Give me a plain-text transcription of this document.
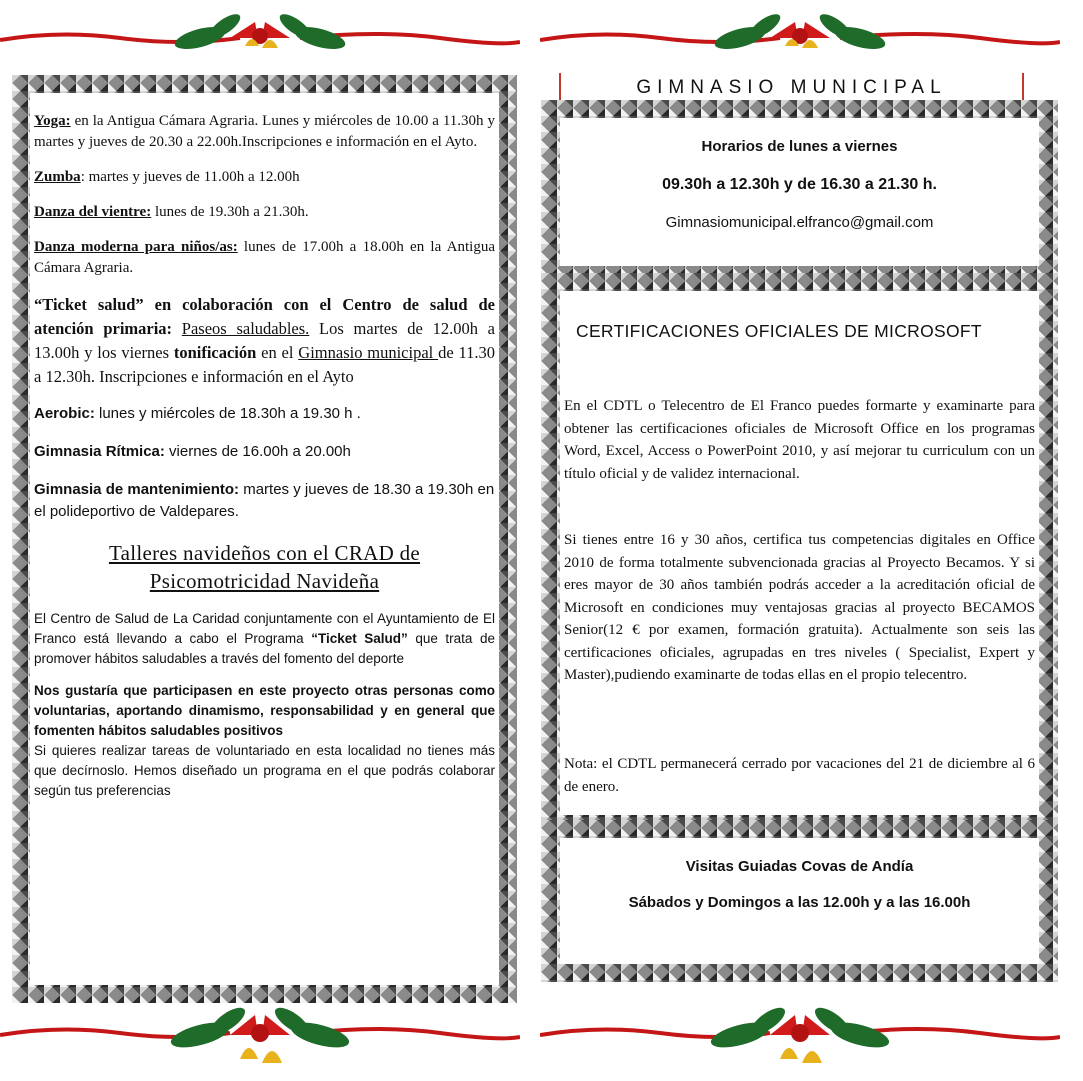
Yoga: en la Antigua Cámara Agraria. Lunes y miércoles de 10.00 a 11.30h y martes y jueves de 20.30 a 22.00h.Inscripciones e información en el Ayto.

Zumba: martes y jueves de 11.00h a 12.00h

Danza del vientre: lunes de 19.30h a 21.30h.

Danza moderna para niños/as: lunes de 17.00h a 18.00h en la Antigua Cámara Agraria.

“Ticket salud” en colaboración con el Centro de salud de atención primaria: Paseos saludables. Los martes de 12.00h a 13.00h y los viernes tonificación en el Gimnasio municipal de 11.30 a 12.30h. Inscripciones e información en el Ayto

Aerobic: lunes y miércoles de 18.30h a 19.30 h .

Gimnasia Rítmica: viernes de 16.00h a 20.00h

Gimnasia de mantenimiento: martes y jueves de 18.30 a 19.30h en el polideportivo de Valdepares.

Talleres navideños con el CRAD de
Psicomotricidad Navideña

El Centro de Salud de La Caridad conjuntamente con el Ayuntamiento de El Franco está llevando a cabo el Programa “Ticket Salud” que trata de promover hábitos saludables a través del fomento del deporte

Nos gustaría que participasen en este proyecto otras personas como voluntarias, aportando dinamismo, responsabilidad y en general que fomenten hábitos saludables positivos

Si quieres realizar tareas de voluntariado en esta localidad no tienes más que decírnoslo. Hemos diseñado un programa en el que podrás colaborar según tus preferencias

GIMNASIO MUNICIPAL
Horarios de lunes a viernes
09.30h a 12.30h y de 16.30 a 21.30 h.
Gimnasiomunicipal.elfranco@gmail.com
CERTIFICACIONES OFICIALES DE MICROSOFT

En el CDTL o Telecentro de El Franco puedes formarte y examinarte para obtener las certificaciones oficiales de Microsoft Office en los programas Word, Excel, Access o PowerPoint 2010, y así mejorar tu curriculum con un título oficial y de validez internacional.

Si tienes entre 16 y 30 años, certifica tus competencias digitales en Office 2010 de forma totalmente subvencionada gracias al Proyecto Becamos. Y si eres mayor de 30 años también podrás acceder a la acreditación oficial de Microsoft en condiciones muy ventajosas gracias al proyecto BECAMOS Senior(12 € por examen, formación gratuita). Actualmente son seis las certificaciones oficiales, agrupadas en tres niveles ( Specialist, Expert y Master),pudiendo examinarte de todas ellas en el propio telecentro.

Nota: el CDTL permanecerá cerrado por vacaciones del 21 de diciembre al 6 de enero.

Visitas Guiadas Covas de Andía
Sábados y Domingos a las 12.00h y a las 16.00h
